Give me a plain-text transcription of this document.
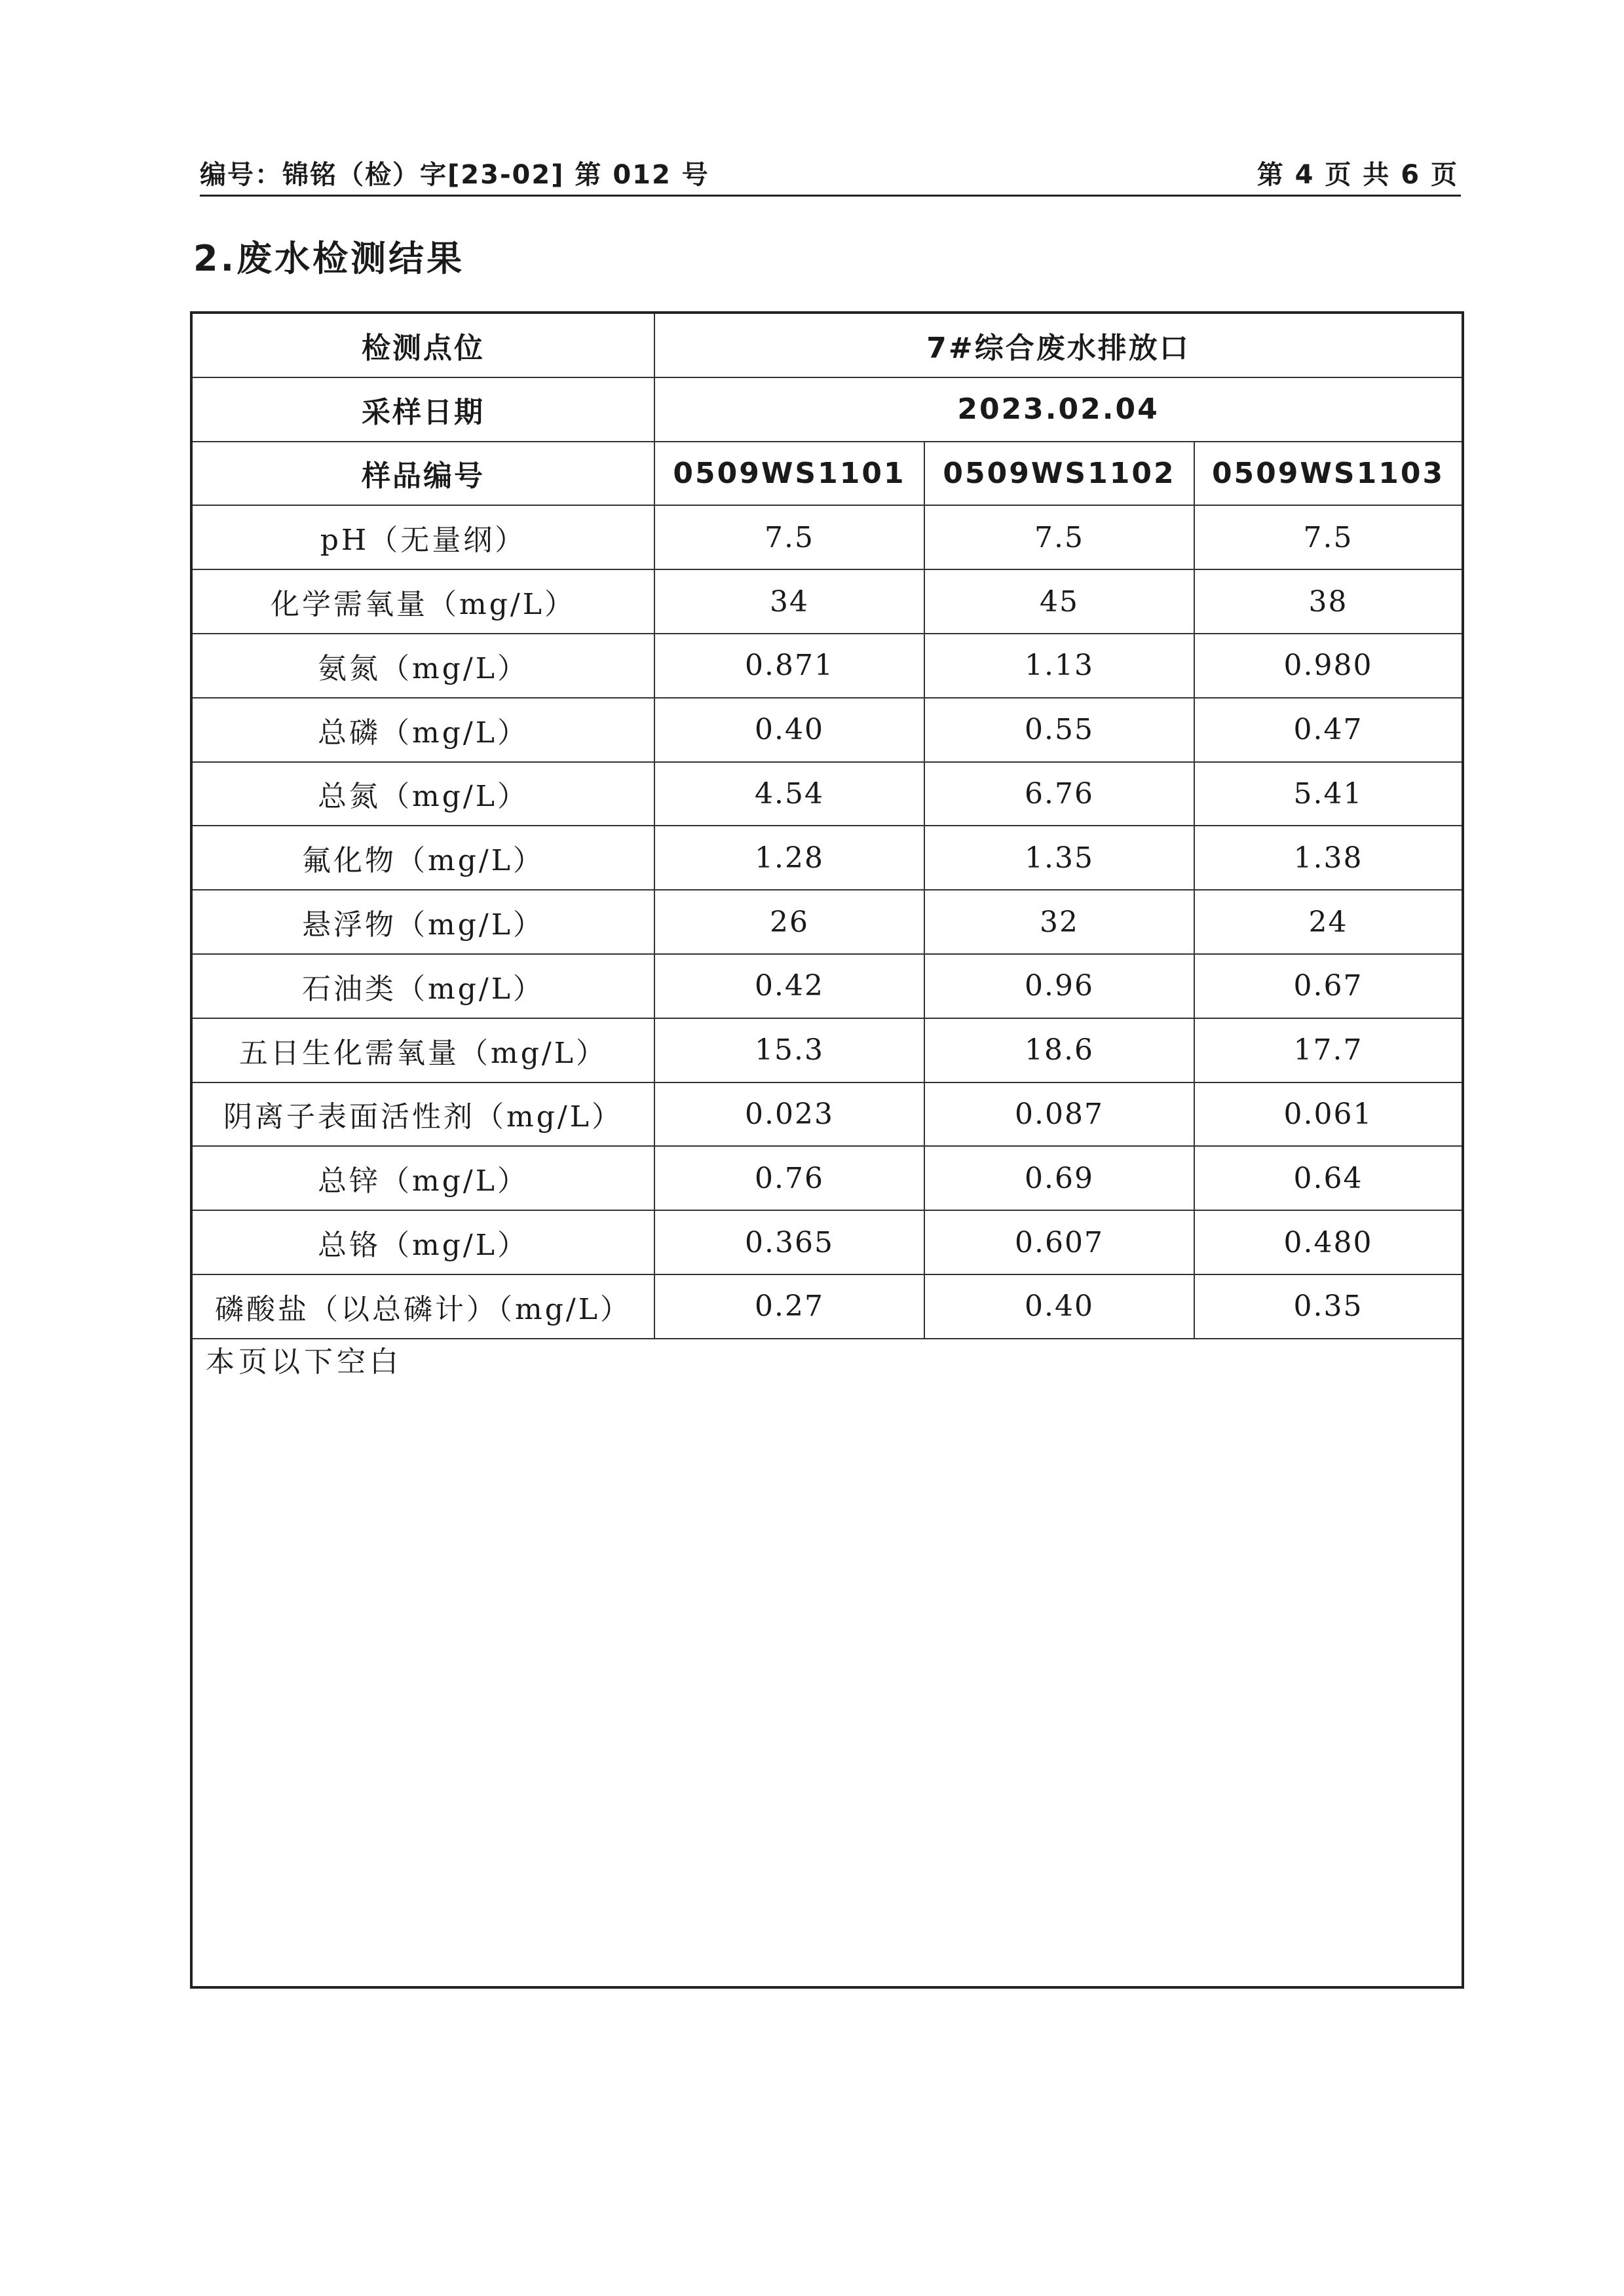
编号：锦铭（检）字[23-02] 第 012 号	第 4 页 共 6 页
2.废水检测结果
检测点位	7#综合废水排放口		
采样日期	2023.02.04		
样品编号	0509WS1101	0509WS1102	0509WS1103
pH（无量纲）	7.5	7.5	7.5
化学需氧量（mg/L）	34	45	38
氨氮（mg/L）	0.871	1.13	0.980
总磷（mg/L）	0.40	0.55	0.47
总氮（mg/L）	4.54	6.76	5.41
氟化物（mg/L）	1.28	1.35	1.38
悬浮物（mg/L）	26	32	24
石油类（mg/L）	0.42	0.96	0.67
五日生化需氧量（mg/L）	15.3	18.6	17.7
阴离子表面活性剂（mg/L）	0.023	0.087	0.061
总锌（mg/L）	0.76	0.69	0.64
总铬（mg/L）	0.365	0.607	0.480
磷酸盐（以总磷计）（mg/L）	0.27	0.40	0.35
本页以下空白
